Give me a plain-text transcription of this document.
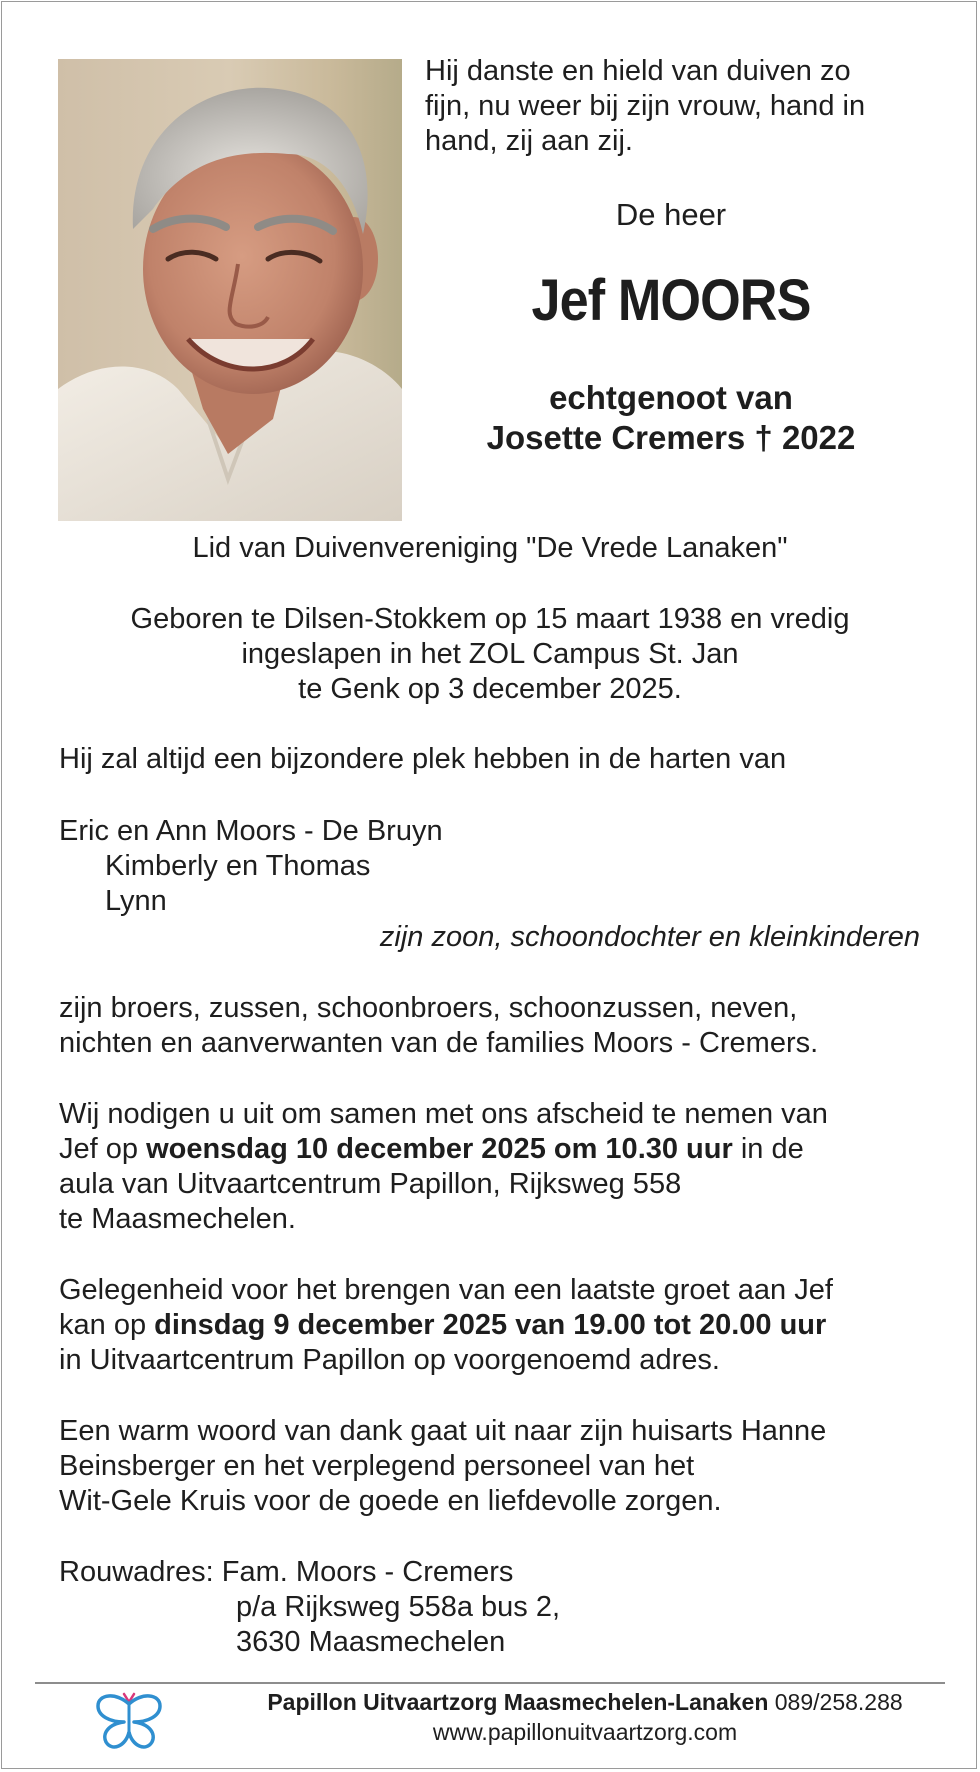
Hij danste en hield van duiven zo
fijn, nu weer bij zijn vrouw, hand in
hand, zij aan zij.
De heer
Jef MOORS
echtgenoot van
Josette Cremers † 2022
Lid van Duivenvereniging "De Vrede Lanaken"
Geboren te Dilsen-Stokkem op 15 maart 1938 en vredig
ingeslapen in het ZOL Campus St. Jan
te Genk op 3 december 2025.
Hij zal altijd een bijzondere plek hebben in de harten van
Eric en Ann Moors - De Bruyn
Kimberly en Thomas
Lynn
zijn zoon, schoondochter en kleinkinderen
zijn broers, zussen, schoonbroers, schoonzussen, neven,
nichten en aanverwanten van de families Moors - Cremers.
Wij nodigen u uit om samen met ons afscheid te nemen van
Jef op woensdag 10 december 2025 om 10.30 uur in de
aula van Uitvaartcentrum Papillon, Rijksweg 558
te Maasmechelen.
Gelegenheid voor het brengen van een laatste groet aan Jef
kan op dinsdag 9 december 2025 van 19.00 tot 20.00 uur
in Uitvaartcentrum Papillon op voorgenoemd adres.
Een warm woord van dank gaat uit naar zijn huisarts Hanne
Beinsberger en het verplegend personeel van het
Wit-Gele Kruis voor de goede en liefdevolle zorgen.
Rouwadres: Fam. Moors - Cremers
p/a Rijksweg 558a bus 2,
3630 Maasmechelen
Papillon Uitvaartzorg Maasmechelen-Lanaken 089/258.288
www.papillonuitvaartzorg.com
